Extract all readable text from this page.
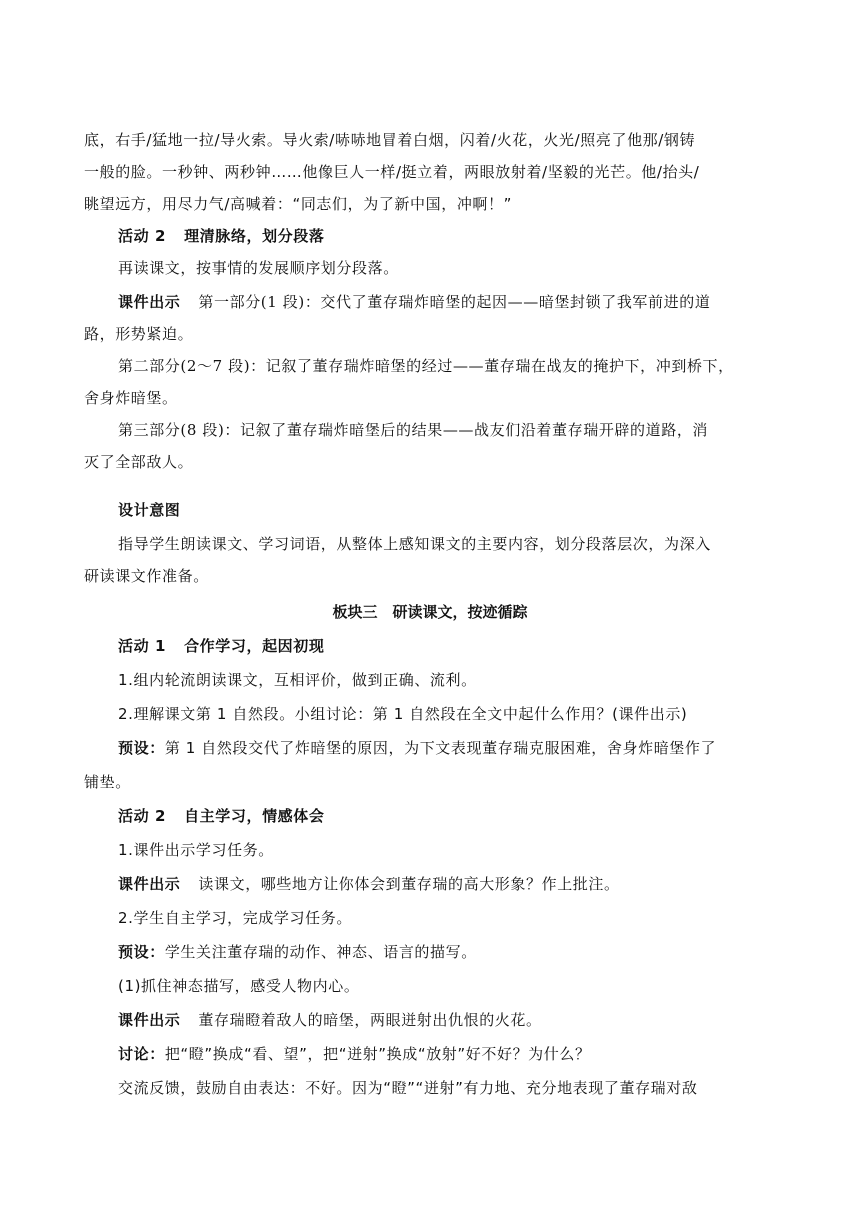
底，右手/猛地一拉/导火索。导火索/哧哧地冒着白烟，闪着/火花，火光/照亮了他那/钢铸
一般的脸。一秒钟、两秒钟……他像巨人一样/挺立着，两眼放射着/坚毅的光芒。他/抬头/
眺望远方，用尽力气/高喊着：“同志们，为了新中国，冲啊！”
活动 2 理清脉络，划分段落
再读课文，按事情的发展顺序划分段落。
课件出示 第一部分(1 段)：交代了董存瑞炸暗堡的起因——暗堡封锁了我军前进的道
路，形势紧迫。
第二部分(2～7 段)：记叙了董存瑞炸暗堡的经过——董存瑞在战友的掩护下，冲到桥下，
舍身炸暗堡。
第三部分(8 段)：记叙了董存瑞炸暗堡后的结果——战友们沿着董存瑞开辟的道路，消
灭了全部敌人。
设计意图
指导学生朗读课文、学习词语，从整体上感知课文的主要内容，划分段落层次，为深入
研读课文作准备。
板块三　研读课文，按迹循踪
活动 1 合作学习，起因初现
1.组内轮流朗读课文，互相评价，做到正确、流利。
2.理解课文第 1 自然段。小组讨论：第 1 自然段在全文中起什么作用？(课件出示)
预设：第 1 自然段交代了炸暗堡的原因，为下文表现董存瑞克服困难，舍身炸暗堡作了
铺垫。
活动 2 自主学习，情感体会
1.课件出示学习任务。
课件出示 读课文，哪些地方让你体会到董存瑞的高大形象？作上批注。
2.学生自主学习，完成学习任务。
预设：学生关注董存瑞的动作、神态、语言的描写。
(1)抓住神态描写，感受人物内心。
课件出示 董存瑞瞪着敌人的暗堡，两眼迸射出仇恨的火花。
讨论：把“瞪”换成“看、望”，把“迸射”换成“放射”好不好？为什么？
交流反馈，鼓励自由表达：不好。因为“瞪”“迸射”有力地、充分地表现了董存瑞对敌
